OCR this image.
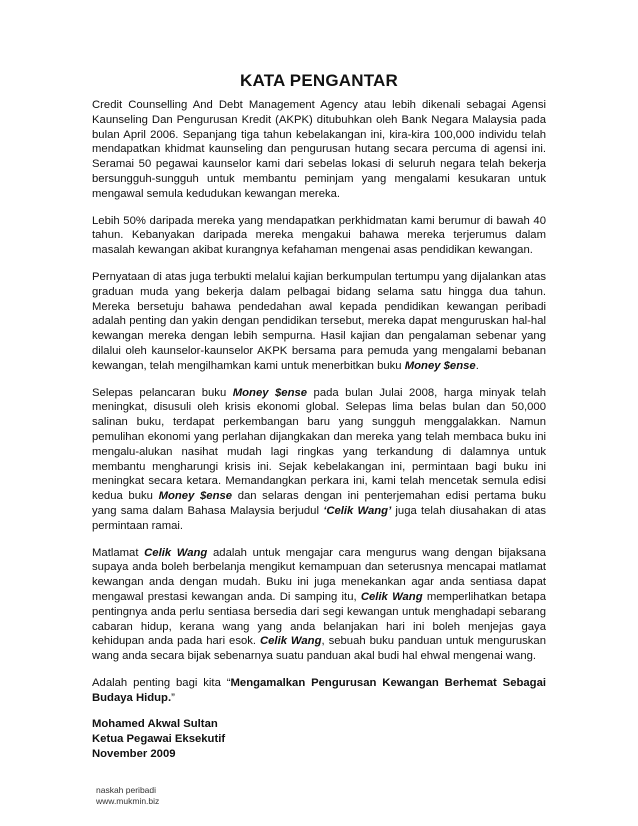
KATA PENGANTAR

Credit Counselling And Debt Management Agency atau lebih dikenali sebagai Agensi Kaunseling Dan Pengurusan Kredit (AKPK) ditubuhkan oleh Bank Negara Malaysia pada bulan April 2006. Sepanjang tiga tahun kebelakangan ini, kira-kira 100,000 individu telah mendapatkan khidmat kaunseling dan pengurusan hutang secara percuma di agensi ini. Seramai 50 pegawai kaunselor kami dari sebelas lokasi di seluruh negara telah bekerja bersungguh-sungguh untuk membantu peminjam yang mengalami kesukaran untuk mengawal semula kedudukan kewangan mereka.

Lebih 50% daripada mereka yang mendapatkan perkhidmatan kami berumur di bawah 40 tahun. Kebanyakan daripada mereka mengakui bahawa mereka terjerumus dalam masalah kewangan akibat kurangnya kefahaman mengenai asas pendidikan kewangan.

Pernyataan di atas juga terbukti melalui kajian berkumpulan tertumpu yang dijalankan atas graduan muda yang bekerja dalam pelbagai bidang selama satu hingga dua tahun. Mereka bersetuju bahawa pendedahan awal kepada pendidikan kewangan peribadi adalah penting dan yakin dengan pendidikan tersebut, mereka dapat menguruskan hal-hal kewangan mereka dengan lebih sempurna. Hasil kajian dan pengalaman sebenar yang dilalui oleh kaunselor-kaunselor AKPK bersama para pemuda yang mengalami bebanan kewangan, telah mengilhamkan kami untuk menerbitkan buku Money $ense.

Selepas pelancaran buku Money $ense pada bulan Julai 2008, harga minyak telah meningkat, disusuli oleh krisis ekonomi global. Selepas lima belas bulan dan 50,000 salinan buku, terdapat perkembangan baru yang sungguh menggalakkan. Namun pemulihan ekonomi yang perlahan dijangkakan dan mereka yang telah membaca buku ini mengalu-alukan nasihat mudah lagi ringkas yang terkandung di dalamnya untuk membantu mengharungi krisis ini. Sejak kebelakangan ini, permintaan bagi buku ini meningkat secara ketara. Memandangkan perkara ini, kami telah mencetak semula edisi kedua buku Money $ense dan selaras dengan ini penterjemahan edisi pertama buku yang sama dalam Bahasa Malaysia berjudul ‘Celik Wang’ juga telah diusahakan di atas permintaan ramai.

Matlamat Celik Wang adalah untuk mengajar cara mengurus wang dengan bijaksana supaya anda boleh berbelanja mengikut kemampuan dan seterusnya mencapai matlamat kewangan anda dengan mudah. Buku ini juga menekankan agar anda sentiasa dapat mengawal prestasi kewangan anda. Di samping itu, Celik Wang memperlihatkan betapa pentingnya anda perlu sentiasa bersedia dari segi kewangan untuk menghadapi sebarang cabaran hidup, kerana wang yang anda belanjakan hari ini boleh menjejas gaya kehidupan anda pada hari esok. Celik Wang, sebuah buku panduan untuk menguruskan wang anda secara bijak sebenarnya suatu panduan akal budi hal ehwal mengenai wang.

Adalah penting bagi kita “Mengamalkan Pengurusan Kewangan Berhemat Sebagai Budaya Hidup.”

Mohamed Akwal Sultan
Ketua Pegawai Eksekutif
November 2009
naskah peribadi
www.mukmin.biz
